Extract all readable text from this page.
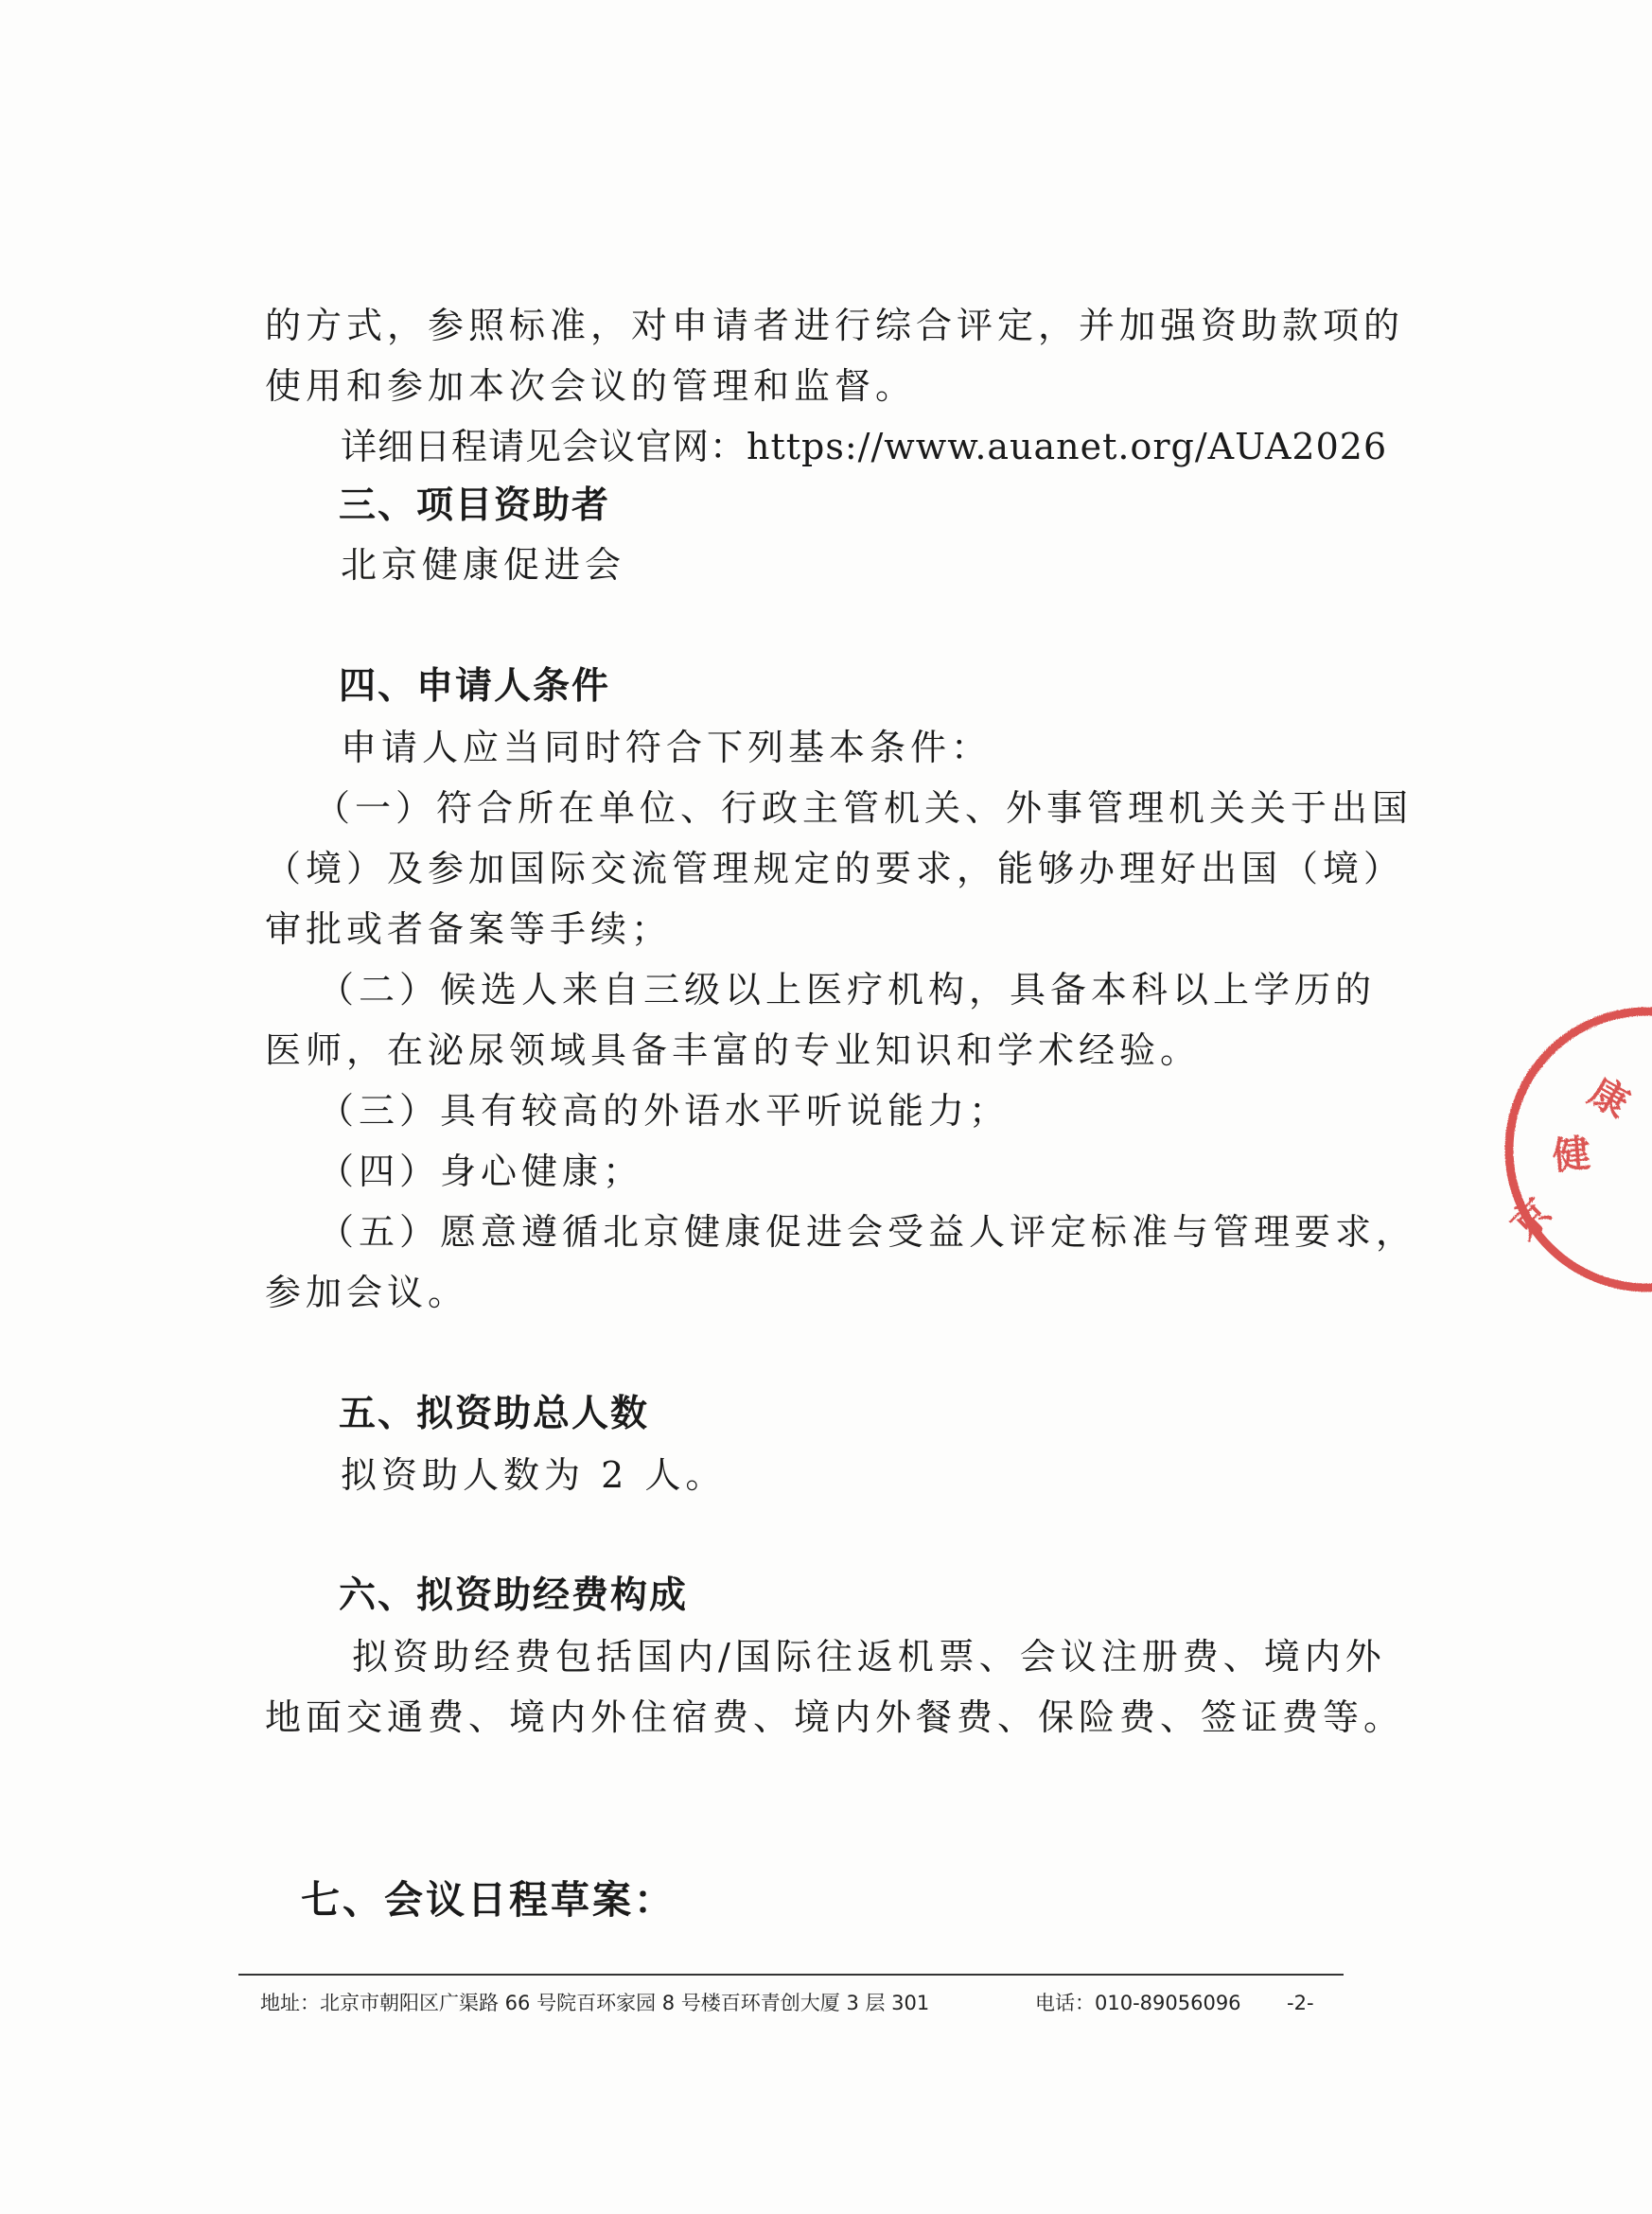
的方式，参照标准，对申请者进行综合评定，并加强资助款项的
使用和参加本次会议的管理和监督。
详细日程请见会议官网：https://www.auanet.org/AUA2026
三、项目资助者
北京健康促进会
四、申请人条件
申请人应当同时符合下列基本条件：
（一）符合所在单位、行政主管机关、外事管理机关关于出国
（境）及参加国际交流管理规定的要求，能够办理好出国（境）
审批或者备案等手续；
（二）候选人来自三级以上医疗机构，具备本科以上学历的
医师，在泌尿领域具备丰富的专业知识和学术经验。
（三）具有较高的外语水平听说能力；
（四）身心健康；
（五）愿意遵循北京健康促进会受益人评定标准与管理要求，
参加会议。
五、拟资助总人数
拟资助人数为 2 人。
六、拟资助经费构成
拟资助经费包括国内/国际往返机票、会议注册费、境内外
地面交通费、境内外住宿费、境内外餐费、保险费、签证费等。
七、会议日程草案：
地址：北京市朝阳区广渠路 66 号院百环家园 8 号楼百环青创大厦 3 层 301	电话：010-89056096 -2-
康
健
京
